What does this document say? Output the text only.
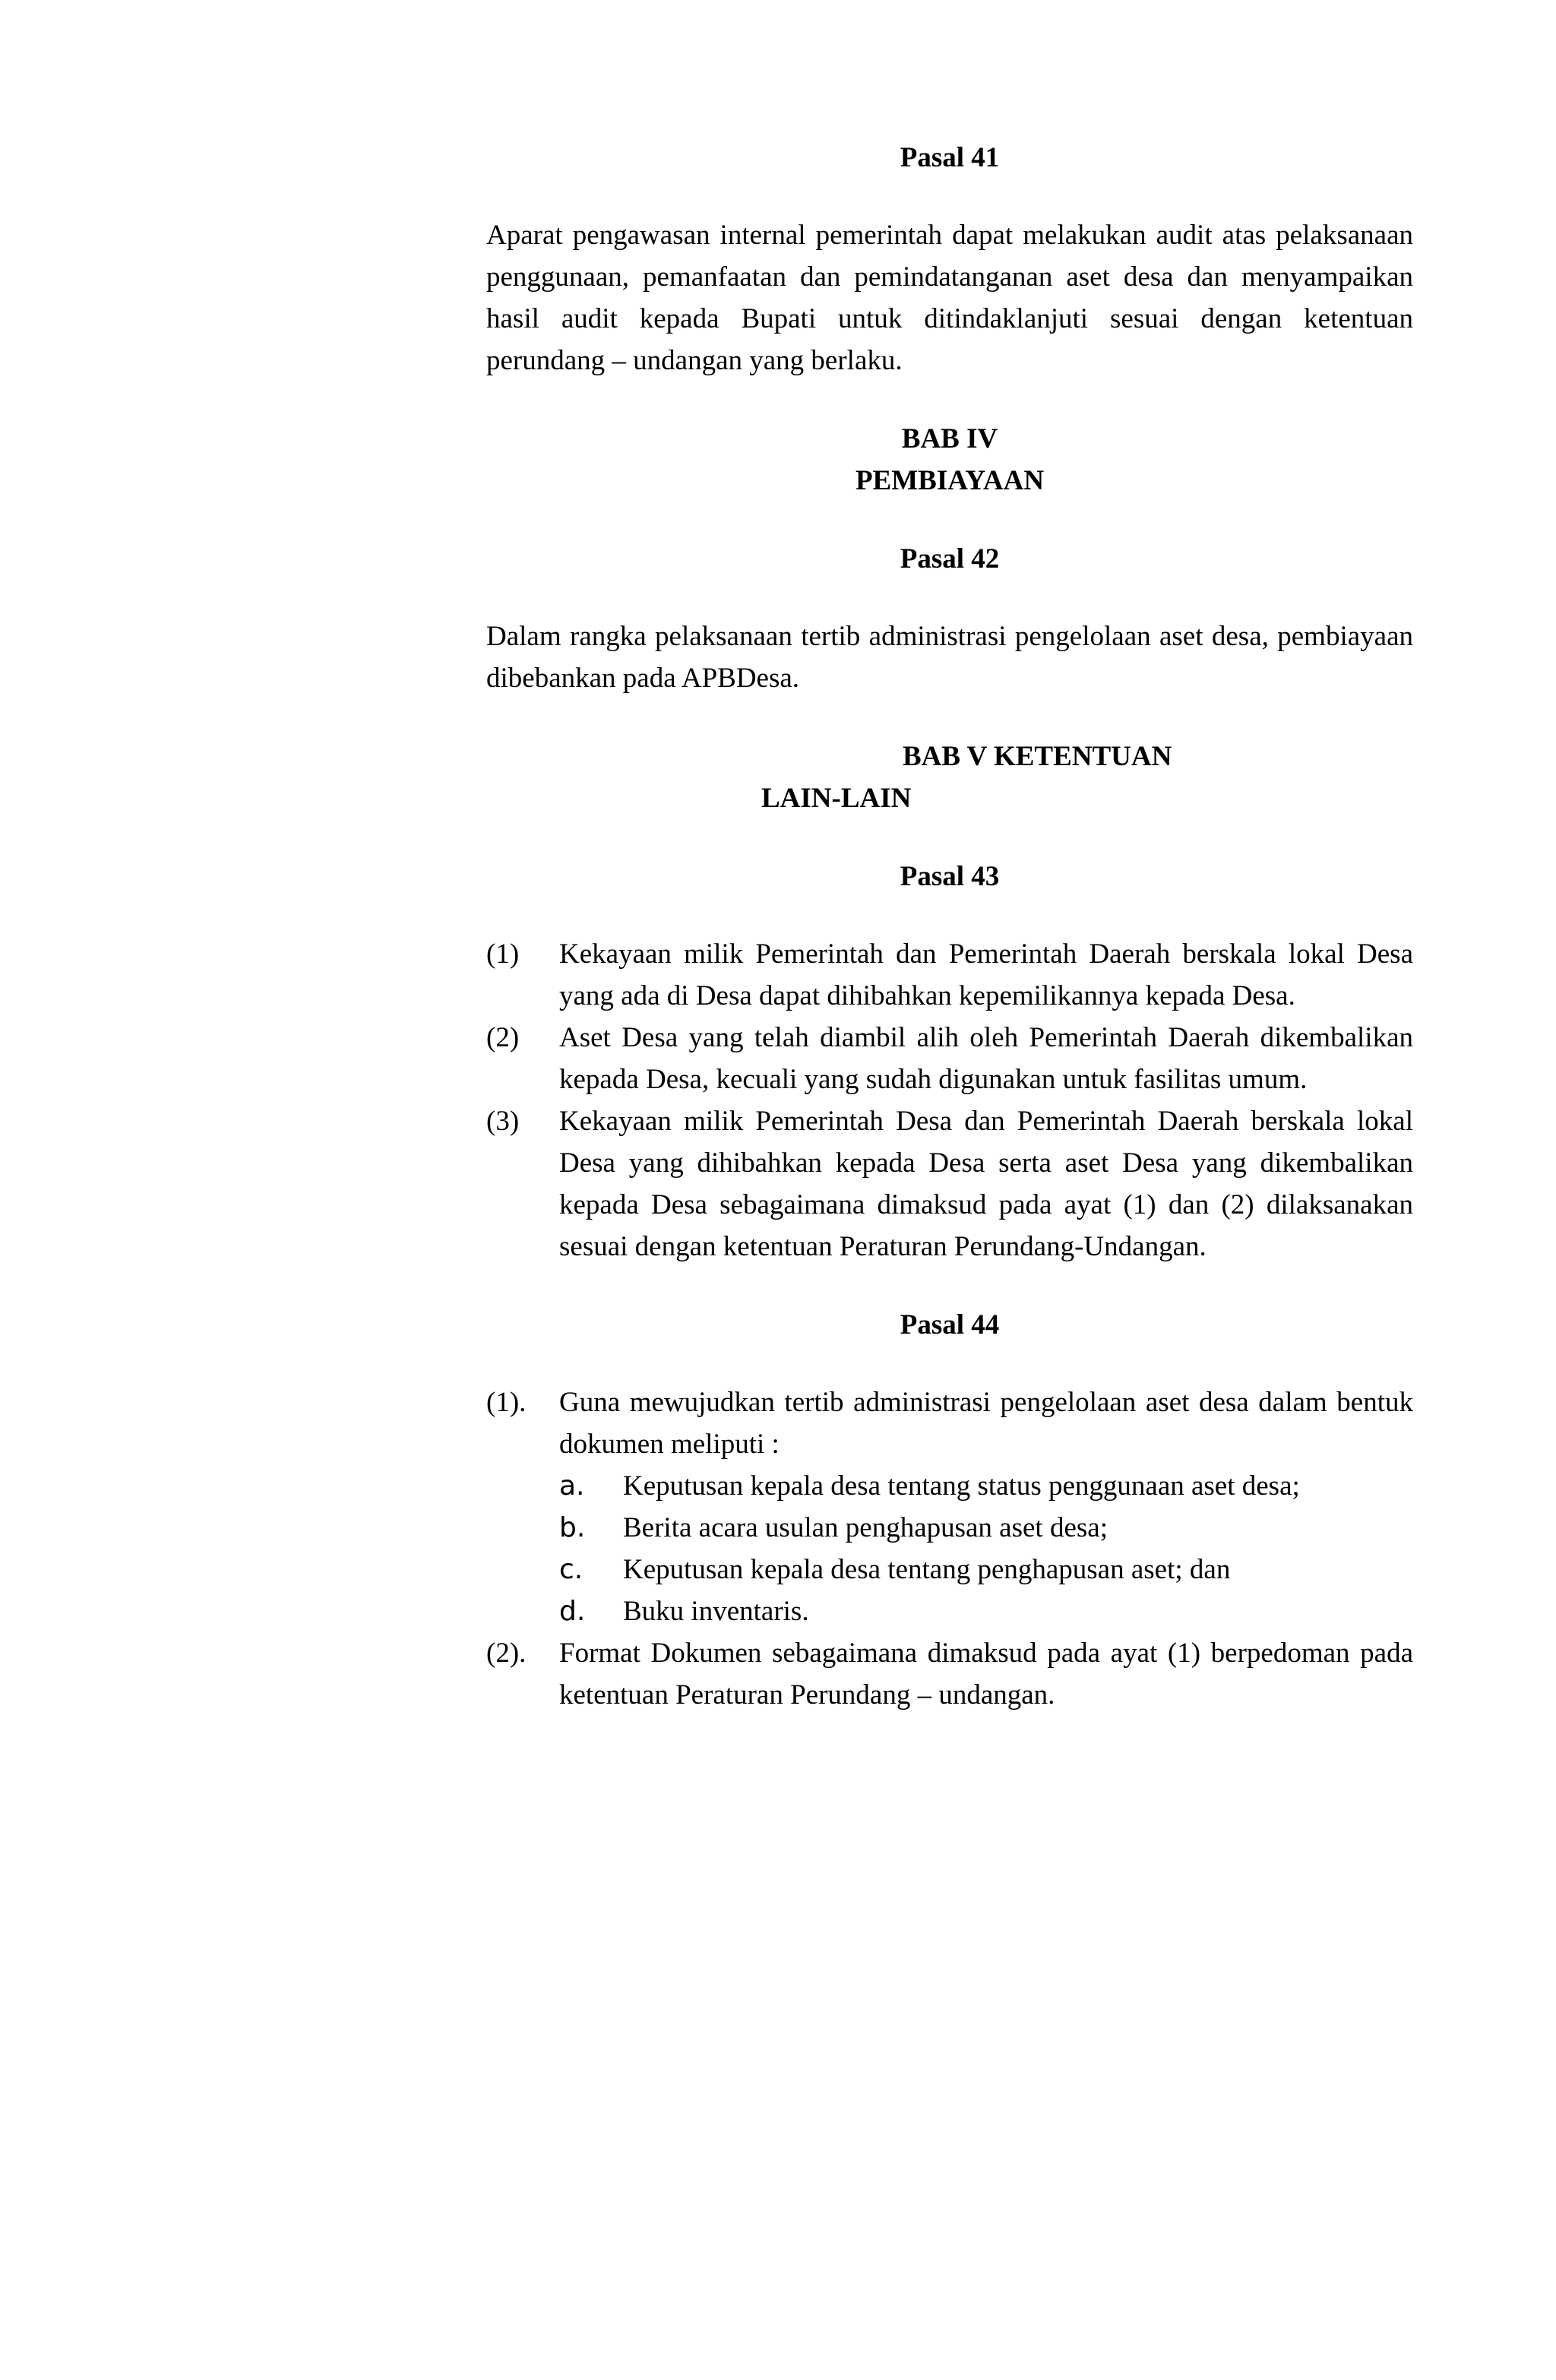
Pasal 41

Aparat pengawasan internal pemerintah dapat melakukan audit atas pelaksanaan penggunaan, pemanfaatan dan pemindatanganan aset desa dan menyampaikan hasil audit kepada Bupati untuk ditindaklanjuti sesuai dengan ketentuan perundang – undangan yang berlaku.

BAB IV

PEMBIAYAAN

Pasal 42

Dalam rangka pelaksanaan tertib administrasi pengelolaan aset desa, pembiayaan dibebankan pada APBDesa.

BAB V KETENTUAN
LAIN-LAIN

Pasal 43

(1)	Kekayaan milik Pemerintah dan Pemerintah Daerah berskala lokal Desa yang ada di Desa dapat dihibahkan kepemilikannya kepada Desa.
(2)	Aset Desa yang telah diambil alih oleh Pemerintah Daerah dikembalikan kepada Desa, kecuali yang sudah digunakan untuk fasilitas umum.
(3)	Kekayaan milik Pemerintah Desa dan Pemerintah Daerah berskala lokal Desa yang dihibahkan kepada Desa serta aset Desa yang dikembalikan kepada Desa sebagaimana dimaksud pada ayat (1) dan (2) dilaksanakan sesuai dengan ketentuan Peraturan Perundang-Undangan.

Pasal 44

(1).	Guna mewujudkan tertib administrasi pengelolaan aset desa dalam bentuk dokumen meliputi :
a.	Keputusan kepala desa tentang status penggunaan aset desa;
b.	Berita acara usulan penghapusan aset desa;
c.	Keputusan kepala desa tentang penghapusan aset; dan
d.	Buku inventaris.
(2).	Format Dokumen sebagaimana dimaksud pada ayat (1) berpedoman pada ketentuan Peraturan Perundang – undangan.
